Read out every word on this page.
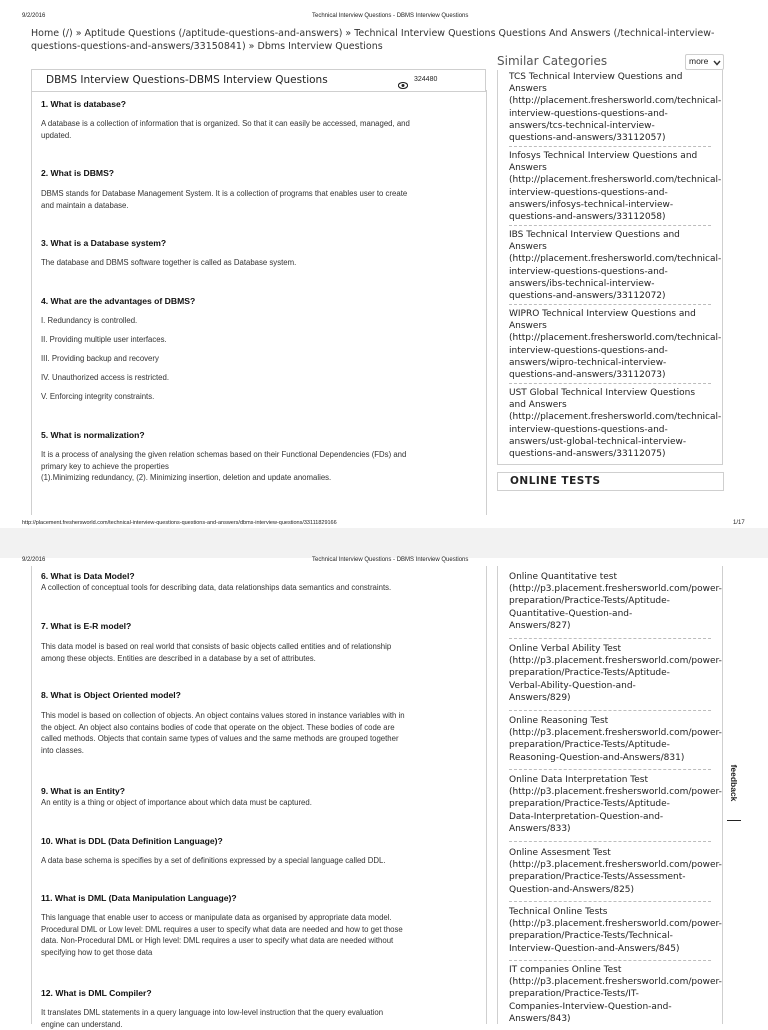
9/2/2016	Technical Interview Questions - DBMS Interview Questions
Home (/) » Aptitude Questions (/aptitude-questions-and-answers) » Technical Interview Questions Questions And Answers (/technical-interview-
questions-questions-and-answers/33150841) » Dbms Interview Questions
DBMS Interview Questions-DBMS Interview Questions	324480
1. What is database?
A database is a collection of information that is organized. So that it can easily be accessed, managed, and
updated.
2. What is DBMS?
DBMS stands for Database Management System. It is a collection of programs that enables user to create
and maintain a database.
3. What is a Database system?
The database and DBMS software together is called as Database system.
4. What are the advantages of DBMS?
I. Redundancy is controlled.
II. Providing multiple user interfaces.
III. Providing backup and recovery
IV. Unauthorized access is restricted.
V. Enforcing integrity constraints.
5. What is normalization?
It is a process of analysing the given relation schemas based on their Functional Dependencies (FDs) and
primary key to achieve the properties
(1).Minimizing redundancy, (2). Minimizing insertion, deletion and update anomalies.
Similar Categories	more
TCS Technical Interview Questions and
Answers
(http://placement.freshersworld.com/technical-
interview-questions-questions-and-
answers/tcs-technical-interview-
questions-and-answers/33112057)
Infosys Technical Interview Questions and
Answers
(http://placement.freshersworld.com/technical-
interview-questions-questions-and-
answers/infosys-technical-interview-
questions-and-answers/33112058)
IBS Technical Interview Questions and
Answers
(http://placement.freshersworld.com/technical-
interview-questions-questions-and-
answers/ibs-technical-interview-
questions-and-answers/33112072)
WIPRO Technical Interview Questions and
Answers
(http://placement.freshersworld.com/technical-
interview-questions-questions-and-
answers/wipro-technical-interview-
questions-and-answers/33112073)
UST Global Technical Interview Questions
and Answers
(http://placement.freshersworld.com/technical-
interview-questions-questions-and-
answers/ust-global-technical-interview-
questions-and-answers/33112075)
ONLINE TESTS
http://placement.freshersworld.com/technical-interview-questions-questions-and-answers/dbms-interview-questions/33111829166	1/17
9/2/2016	Technical Interview Questions - DBMS Interview Questions
6. What is Data Model?
A collection of conceptual tools for describing data, data relationships data semantics and constraints.
7. What is E-R model?
This data model is based on real world that consists of basic objects called entities and of relationship
among these objects. Entities are described in a database by a set of attributes.
8. What is Object Oriented model?
This model is based on collection of objects. An object contains values stored in instance variables with in
the object. An object also contains bodies of code that operate on the object. These bodies of code are
called methods. Objects that contain same types of values and the same methods are grouped together
into classes.
9. What is an Entity?
An entity is a thing or object of importance about which data must be captured.
10. What is DDL (Data Definition Language)?
A data base schema is specifies by a set of definitions expressed by a special language called DDL.
11. What is DML (Data Manipulation Language)?
This language that enable user to access or manipulate data as organised by appropriate data model.
Procedural DML or Low level: DML requires a user to specify what data are needed and how to get those
data. Non-Procedural DML or High level: DML requires a user to specify what data are needed without
specifying how to get those data
12. What is DML Compiler?
It translates DML statements in a query language into low-level instruction that the query evaluation
engine can understand.
Online Quantitative test
(http://p3.placement.freshersworld.com/power-
preparation/Practice-Tests/Aptitude-
Quantitative-Question-and-
Answers/827)
Online Verbal Ability Test
(http://p3.placement.freshersworld.com/power-
preparation/Practice-Tests/Aptitude-
Verbal-Ability-Question-and-
Answers/829)
Online Reasoning Test
(http://p3.placement.freshersworld.com/power-
preparation/Practice-Tests/Aptitude-
Reasoning-Question-and-Answers/831)
Online Data Interpretation Test
(http://p3.placement.freshersworld.com/power-
preparation/Practice-Tests/Aptitude-
Data-Interpretation-Question-and-
Answers/833)
Online Assesment Test
(http://p3.placement.freshersworld.com/power-
preparation/Practice-Tests/Assessment-
Question-and-Answers/825)
Technical Online Tests
(http://p3.placement.freshersworld.com/power-
preparation/Practice-Tests/Technical-
Interview-Question-and-Answers/845)
IT companies Online Test
(http://p3.placement.freshersworld.com/power-
preparation/Practice-Tests/IT-
Companies-Interview-Question-and-
Answers/843)
feedback
